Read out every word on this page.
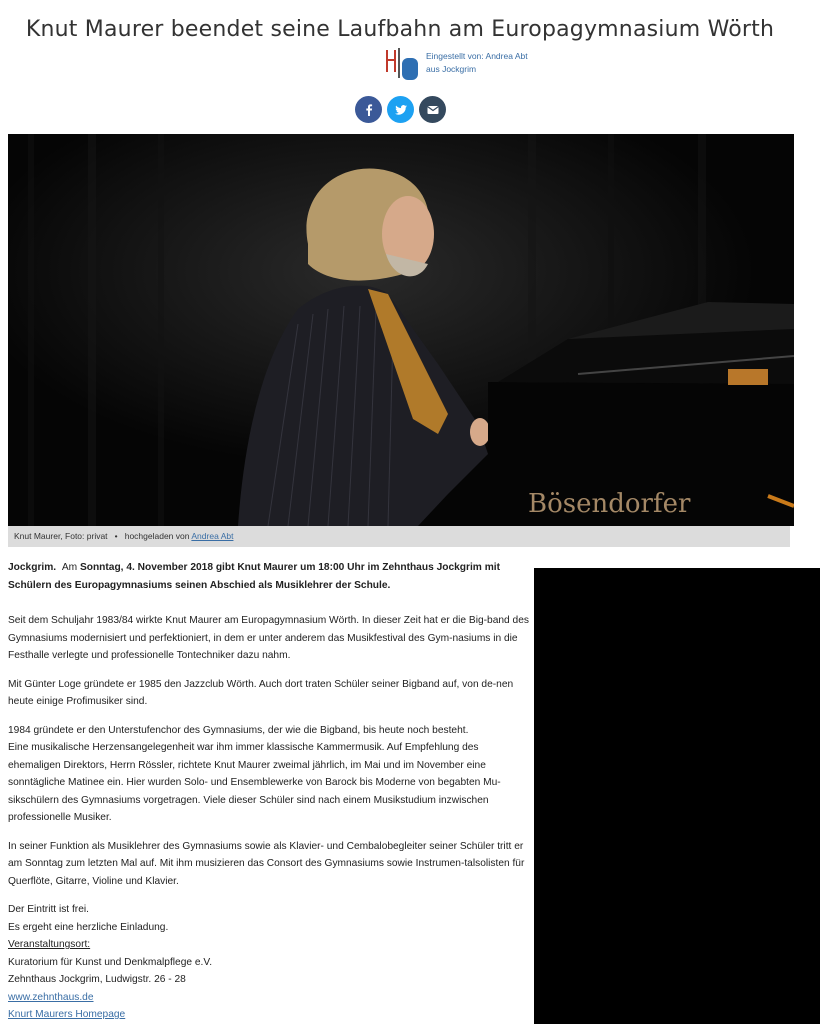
Knut Maurer beendet seine Laufbahn am Europagymnasium Wörth
Eingestellt von: Andrea Abt
aus Jockgrim
Bösendorfer
Knut Maurer, Foto: privat • hochgeladen von Andrea Abt

Jockgrim. Am Sonntag, 4. November 2018 gibt Knut Maurer um 18:00 Uhr im Zehnthaus Jockgrim mit Schülern des Europagymnasiums seinen Abschied als Musiklehrer der Schule.

Seit dem Schuljahr 1983/84 wirkte Knut Maurer am Europagymnasium Wörth. In dieser Zeit hat er die Big-band des Gymnasiums modernisiert und perfektioniert, in dem er unter anderem das Musikfestival des Gym-nasiums in die Festhalle verlegte und professionelle Tontechniker dazu nahm.

Mit Günter Loge gründete er 1985 den Jazzclub Wörth. Auch dort traten Schüler seiner Bigband auf, von de-nen heute einige Profimusiker sind.

1984 gründete er den Unterstufenchor des Gymnasiums, der wie die Bigband, bis heute noch besteht.
Eine musikalische Herzensangelegenheit war ihm immer klassische Kammermusik. Auf Empfehlung des ehemaligen Direktors, Herrn Rössler, richtete Knut Maurer zweimal jährlich, im Mai und im November eine sonntägliche Matinee ein. Hier wurden Solo- und Ensemblewerke von Barock bis Moderne von begabten Mu-sikschülern des Gymnasiums vorgetragen. Viele dieser Schüler sind nach einem Musikstudium inzwischen professionelle Musiker.

In seiner Funktion als Musiklehrer des Gymnasiums sowie als Klavier- und Cembalobegleiter seiner Schüler tritt er am Sonntag zum letzten Mal auf. Mit ihm musizieren das Consort des Gymnasiums sowie Instrumen-talsolisten für Querflöte, Gitarre, Violine und Klavier.

Der Eintritt ist frei.
Es ergeht eine herzliche Einladung.
Veranstaltungsort:
Kuratorium für Kunst und Denkmalpflege e.V.
Zehnthaus Jockgrim, Ludwigstr. 26 - 28
www.zehnthaus.de
Knurt Maurers Homepage
